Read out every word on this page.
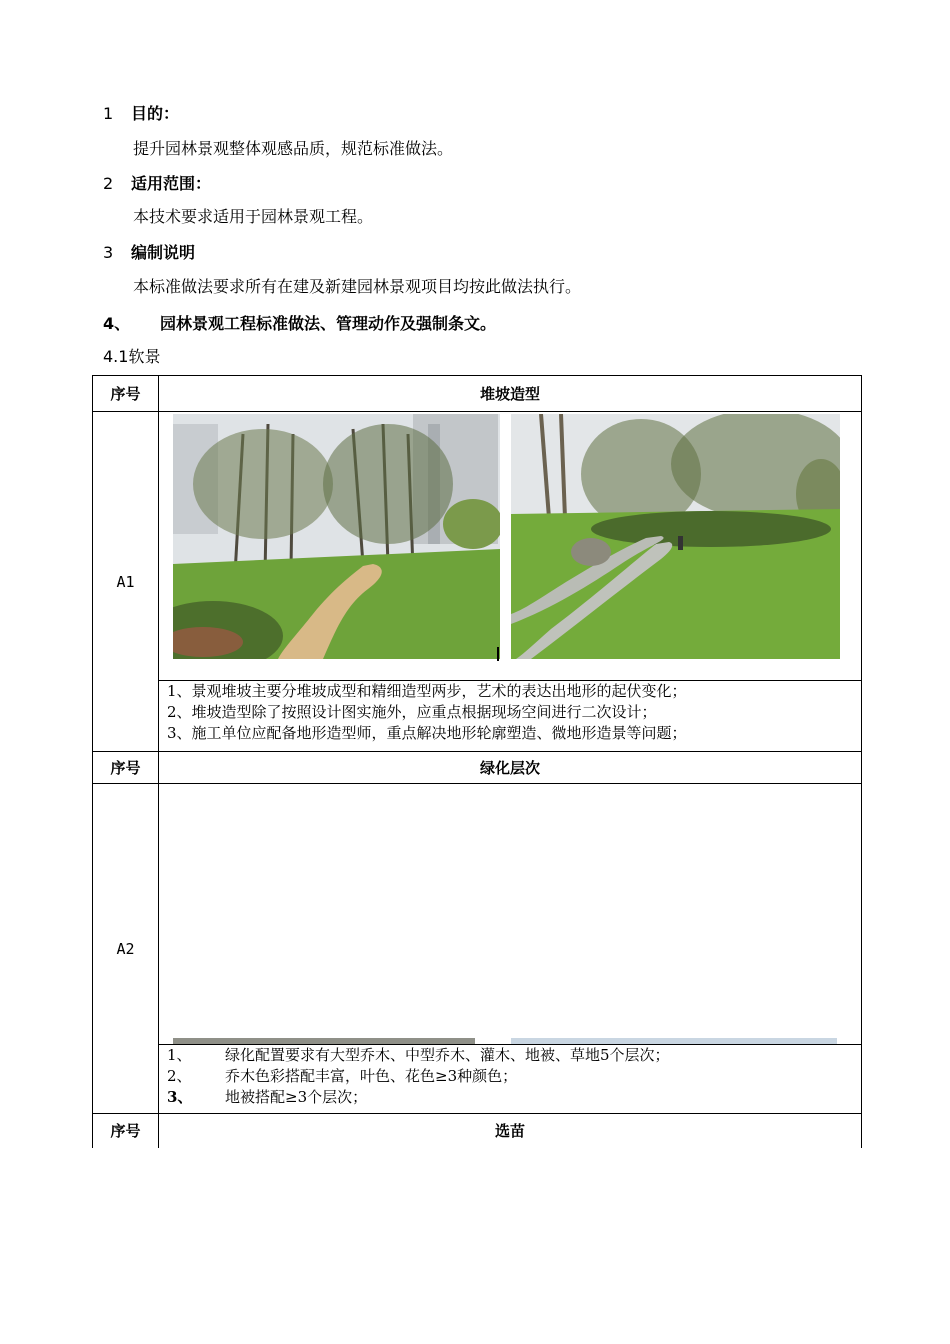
1 目的：
提升园林景观整体观感品质，规范标准做法。
2 适用范围：
本技术要求适用于园林景观工程。
3 编制说明
本标准做法要求所有在建及新建园林景观项目均按此做法执行。
4、 园林景观工程标准做法、管理动作及强制条文。
4.1软景
序号	堆坡造型
A1	1、景观堆坡主要分堆坡成型和精细造型两步，艺术的表达出地形的起伏变化；
2、堆坡造型除了按照设计图实施外，应重点根据现场空间进行二次设计；
3、施工单位应配备地形造型师，重点解决地形轮廓塑造、微地形造景等问题；

序号	绿化层次
A2	1、 绿化配置要求有大型乔木、中型乔木、灌木、地被、草地5个层次；
2、 乔木色彩搭配丰富，叶色、花色≥3种颜色；
3、 地被搭配≥3个层次；

序号	选苗
